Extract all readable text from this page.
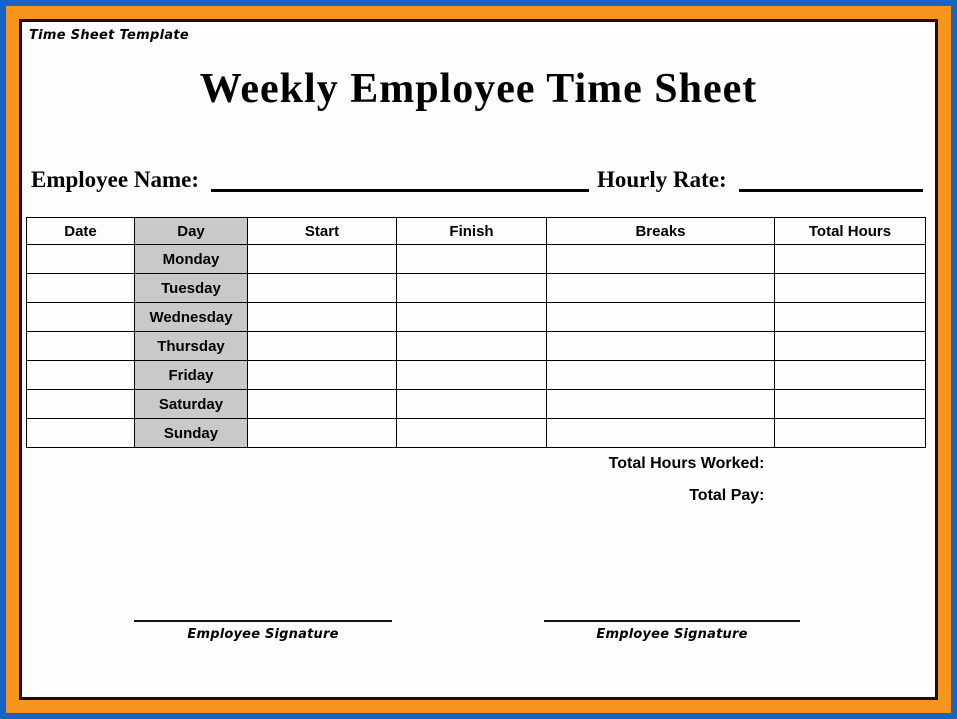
Time Sheet Template
Weekly Employee Time Sheet
Employee Name:	Hourly Rate:
Date	Day	Start	Finish	Breaks	Total Hours
	Monday				
	Tuesday				
	Wednesday				
	Thursday				
	Friday				
	Saturday				
	Sunday				
Total Hours Worked:					
Total Pay:					
Employee Signature	Employee Signature
